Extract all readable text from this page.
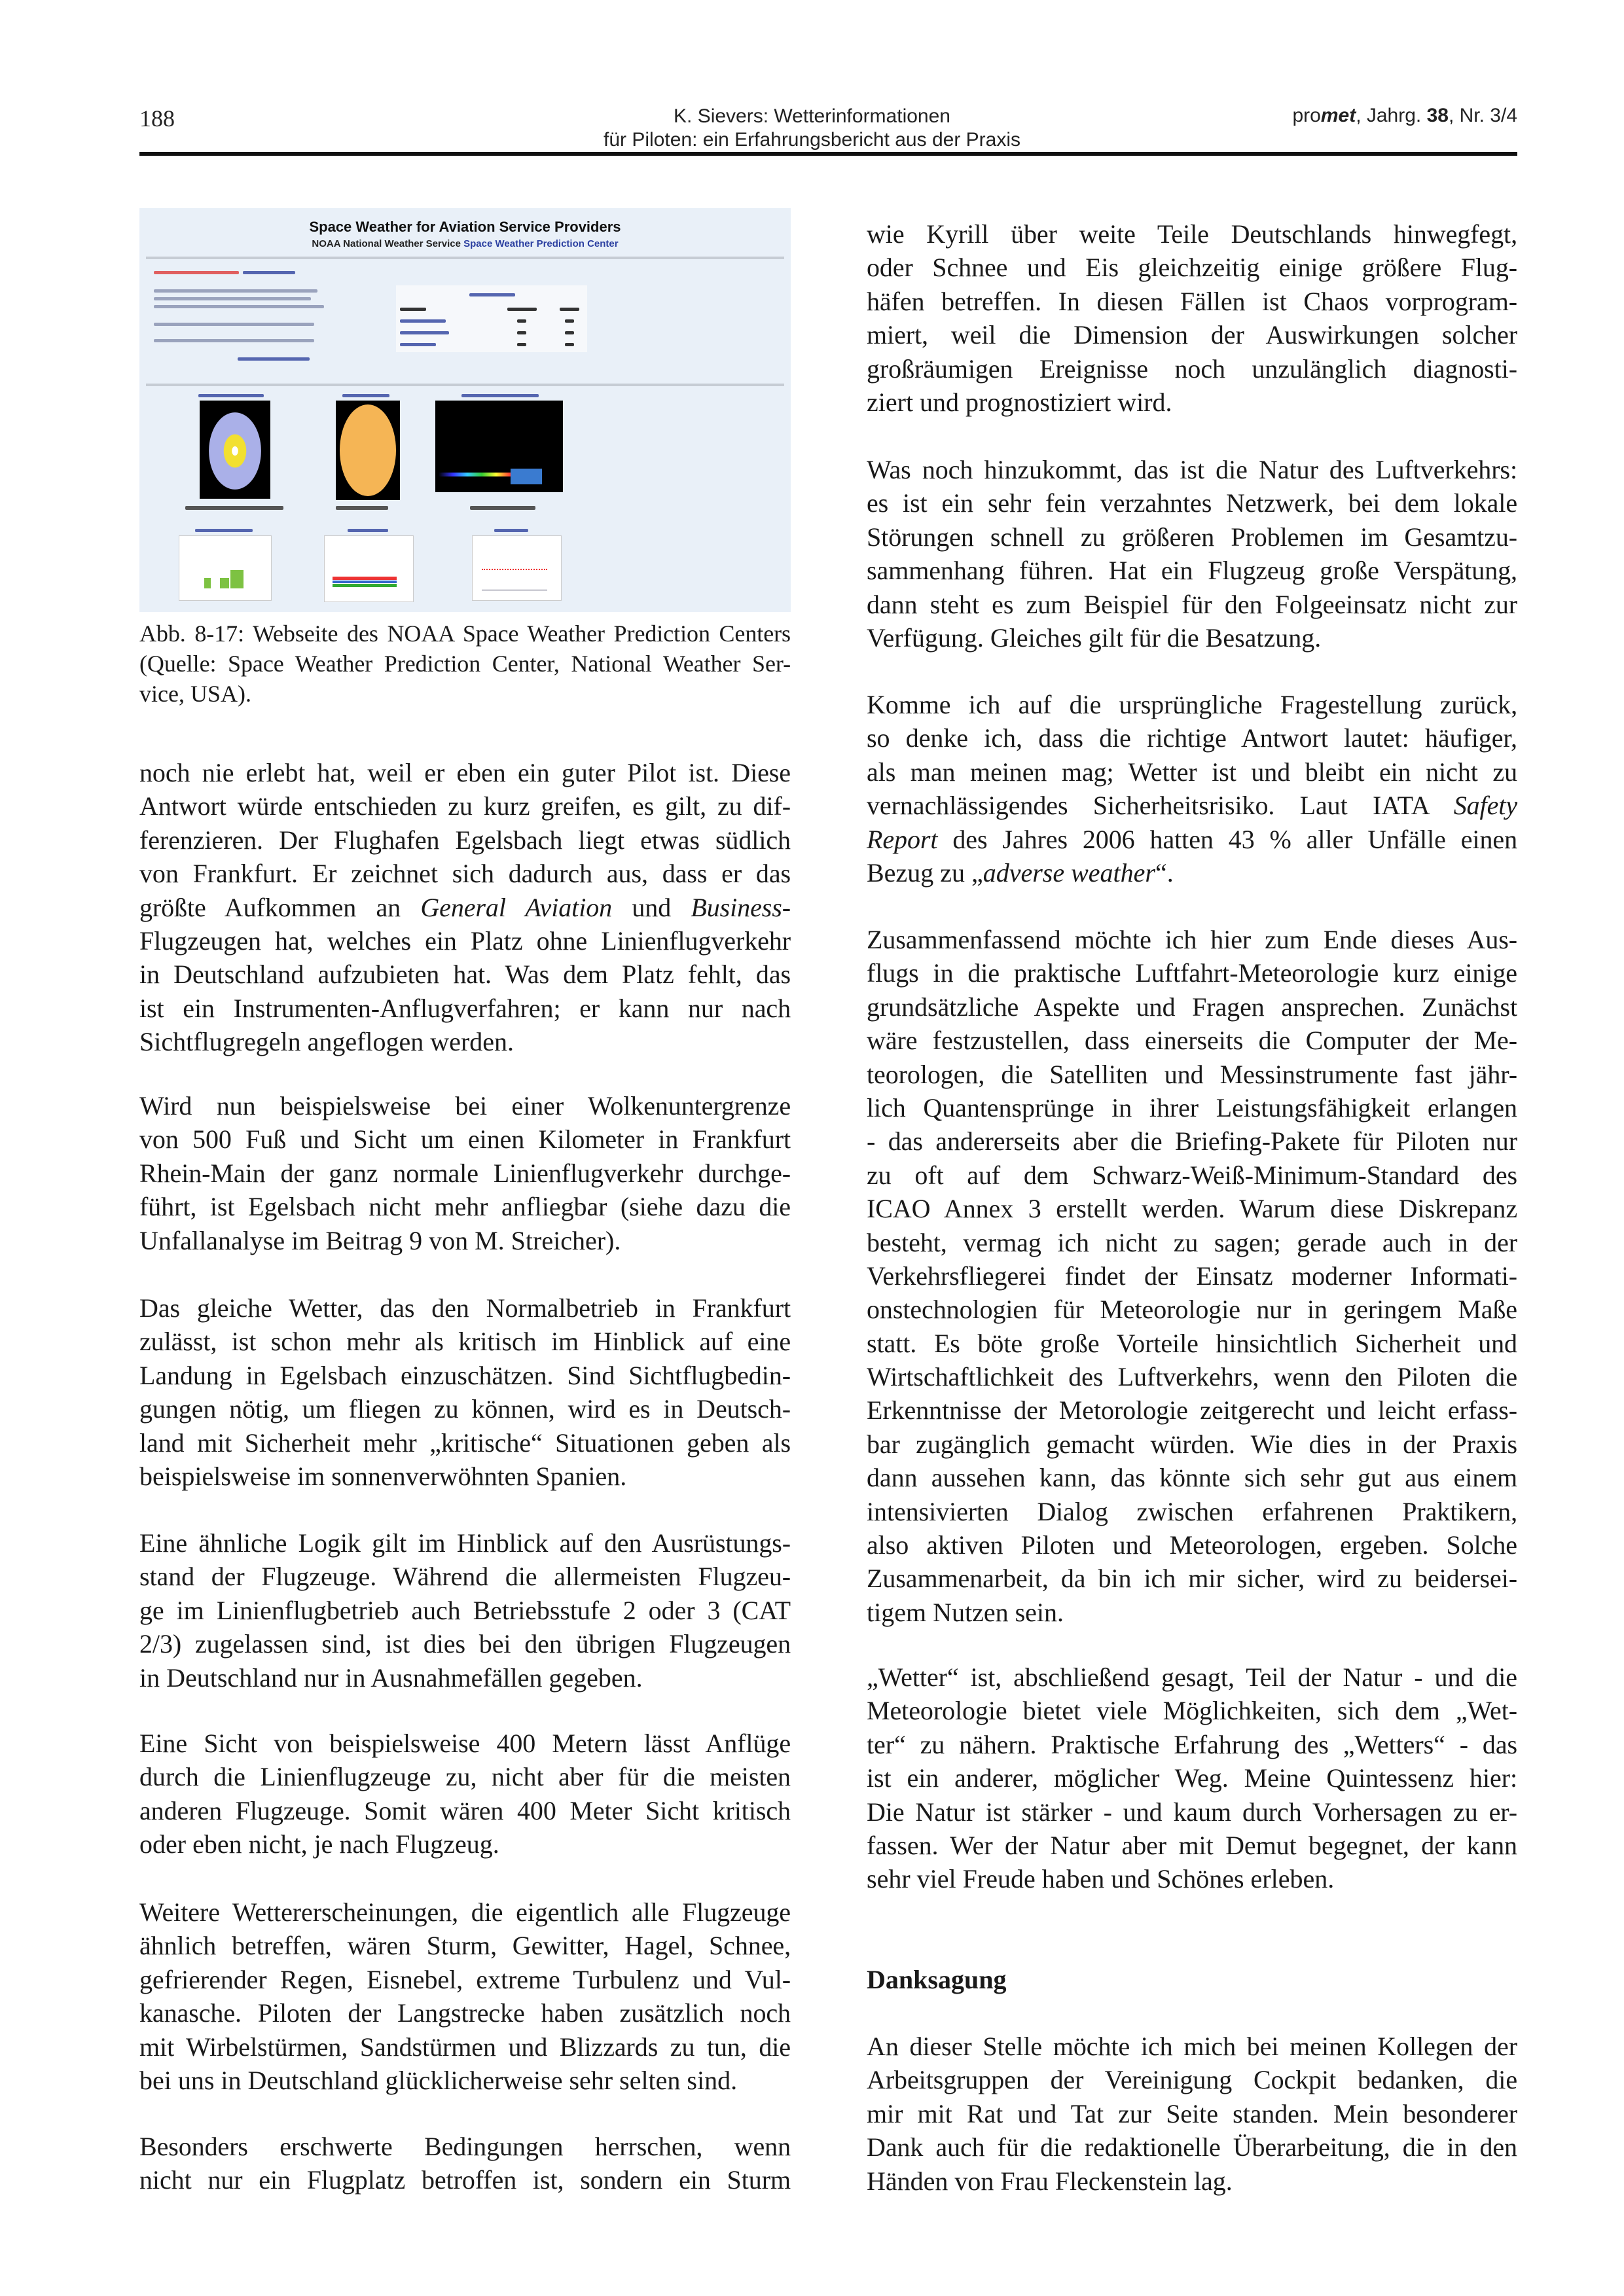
188	K. Sievers: Wetterinformationen
für Piloten: ein Erfahrungsbericht aus der Praxis
promet, Jahrg. 38, Nr. 3/4
Space Weather for Aviation Service Providers
NOAA National Weather Service Space Weather Prediction Center
Abb. 8-17: Webseite des NOAA Space Weather Prediction Centers
(Quelle: Space Weather Prediction Center, National Weather Ser-
vice, USA).
noch nie erlebt hat, weil er eben ein guter Pilot ist. Diese
Antwort würde entschieden zu kurz greifen, es gilt, zu dif-
ferenzieren. Der Flughafen Egelsbach liegt etwas südlich
von Frankfurt. Er zeichnet sich dadurch aus, dass er das
größte Aufkommen an General Aviation und Business-
Flugzeugen hat, welches ein Platz ohne Linienflugverkehr
in Deutschland aufzubieten hat. Was dem Platz fehlt, das
ist ein Instrumenten-Anflugverfahren; er kann nur nach
Sichtflugregeln angeflogen werden.
Wird nun beispielsweise bei einer Wolkenuntergrenze
von 500 Fuß und Sicht um einen Kilometer in Frankfurt
Rhein-Main der ganz normale Linienflugverkehr durchge-
führt, ist Egelsbach nicht mehr anfliegbar (siehe dazu die
Unfallanalyse im Beitrag 9 von M. Streicher).
Das gleiche Wetter, das den Normalbetrieb in Frankfurt
zulässt, ist schon mehr als kritisch im Hinblick auf eine
Landung in Egelsbach einzuschätzen. Sind Sichtflugbedin-
gungen nötig, um fliegen zu können, wird es in Deutsch-
land mit Sicherheit mehr „kritische“ Situationen geben als
beispielsweise im sonnenverwöhnten Spanien.
Eine ähnliche Logik gilt im Hinblick auf den Ausrüstungs-
stand der Flugzeuge. Während die allermeisten Flugzeu-
ge im Linienflugbetrieb auch Betriebsstufe 2 oder 3 (CAT
2/3) zugelassen sind, ist dies bei den übrigen Flugzeugen
in Deutschland nur in Ausnahmefällen gegeben.
Eine Sicht von beispielsweise 400 Metern lässt Anflüge
durch die Linienflugzeuge zu, nicht aber für die meisten
anderen Flugzeuge. Somit wären 400 Meter Sicht kritisch
oder eben nicht, je nach Flugzeug.
Weitere Wettererscheinungen, die eigentlich alle Flugzeuge
ähnlich betreffen, wären Sturm, Gewitter, Hagel, Schnee,
gefrierender Regen, Eisnebel, extreme Turbulenz und Vul-
kanasche. Piloten der Langstrecke haben zusätzlich noch
mit Wirbelstürmen, Sandstürmen und Blizzards zu tun, die
bei uns in Deutschland glücklicherweise sehr selten sind.
Besonders erschwerte Bedingungen herrschen, wenn
nicht nur ein Flugplatz betroffen ist, sondern ein Sturm
wie Kyrill über weite Teile Deutschlands hinwegfegt,
oder Schnee und Eis gleichzeitig einige größere Flug-
häfen betreffen. In diesen Fällen ist Chaos vorprogram-
miert, weil die Dimension der Auswirkungen solcher
großräumigen Ereignisse noch unzulänglich diagnosti-
ziert und prognostiziert wird.
Was noch hinzukommt, das ist die Natur des Luftverkehrs:
es ist ein sehr fein verzahntes Netzwerk, bei dem lokale
Störungen schnell zu größeren Problemen im Gesamtzu-
sammenhang führen. Hat ein Flugzeug große Verspätung,
dann steht es zum Beispiel für den Folgeeinsatz nicht zur
Verfügung. Gleiches gilt für die Besatzung.
Komme ich auf die ursprüngliche Fragestellung zurück,
so denke ich, dass die richtige Antwort lautet: häufiger,
als man meinen mag; Wetter ist und bleibt ein nicht zu
vernachlässigendes Sicherheitsrisiko. Laut IATA Safety
Report des Jahres 2006 hatten 43 % aller Unfälle einen
Bezug zu „adverse weather“.
Zusammenfassend möchte ich hier zum Ende dieses Aus-
flugs in die praktische Luftfahrt-Meteorologie kurz einige
grundsätzliche Aspekte und Fragen ansprechen. Zunächst
wäre festzustellen, dass einerseits die Computer der Me-
teorologen, die Satelliten und Messinstrumente fast jähr-
lich Quantensprünge in ihrer Leistungsfähigkeit erlangen
- das andererseits aber die Briefing-Pakete für Piloten nur
zu oft auf dem Schwarz-Weiß-Minimum-Standard des
ICAO Annex 3 erstellt werden. Warum diese Diskrepanz
besteht, vermag ich nicht zu sagen; gerade auch in der
Verkehrsfliegerei findet der Einsatz moderner Informati-
onstechnologien für Meteorologie nur in geringem Maße
statt. Es böte große Vorteile hinsichtlich Sicherheit und
Wirtschaftlichkeit des Luftverkehrs, wenn den Piloten die
Erkenntnisse der Metorologie zeitgerecht und leicht erfass-
bar zugänglich gemacht würden. Wie dies in der Praxis
dann aussehen kann, das könnte sich sehr gut aus einem
intensivierten Dialog zwischen erfahrenen Praktikern,
also aktiven Piloten und Meteorologen, ergeben. Solche
Zusammenarbeit, da bin ich mir sicher, wird zu beidersei-
tigem Nutzen sein.
„Wetter“ ist, abschließend gesagt, Teil der Natur - und die
Meteorologie bietet viele Möglichkeiten, sich dem „Wet-
ter“ zu nähern. Praktische Erfahrung des „Wetters“ - das
ist ein anderer, möglicher Weg. Meine Quintessenz hier:
Die Natur ist stärker - und kaum durch Vorhersagen zu er-
fassen. Wer der Natur aber mit Demut begegnet, der kann
sehr viel Freude haben und Schönes erleben.
Danksagung
An dieser Stelle möchte ich mich bei meinen Kollegen der
Arbeitsgruppen der Vereinigung Cockpit bedanken, die
mir mit Rat und Tat zur Seite standen. Mein besonderer
Dank auch für die redaktionelle Überarbeitung, die in den
Händen von Frau Fleckenstein lag.
